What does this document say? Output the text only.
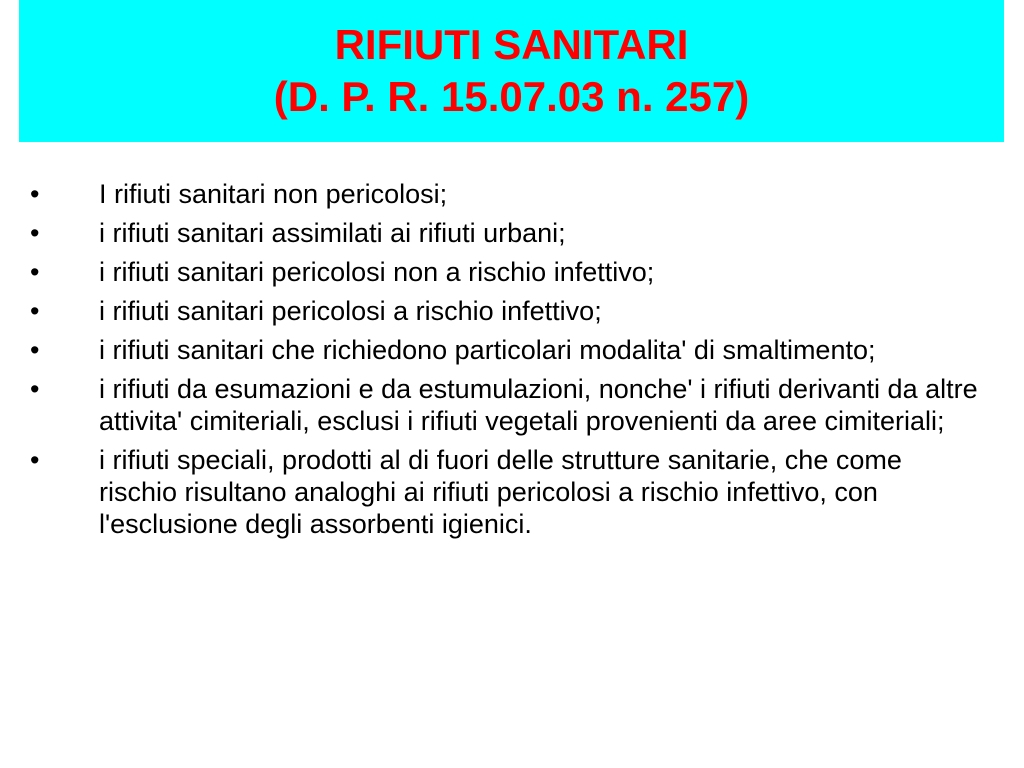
RIFIUTI SANITARI
(D. P. R. 15.07.03 n. 257)
•	I rifiuti sanitari non pericolosi;
•	i rifiuti sanitari assimilati ai rifiuti urbani;
•	i rifiuti sanitari pericolosi non a rischio infettivo;
•	i rifiuti sanitari pericolosi a rischio infettivo;
•	i rifiuti sanitari che richiedono particolari modalita' di smaltimento;
•	i rifiuti da esumazioni e da estumulazioni, nonche' i rifiuti derivanti da altre attivita' cimiteriali, esclusi i rifiuti vegetali provenienti da aree cimiteriali;
•	i rifiuti speciali, prodotti al di fuori delle strutture sanitarie, che come rischio risultano analoghi ai rifiuti pericolosi a rischio infettivo, con l'esclusione degli assorbenti igienici.
